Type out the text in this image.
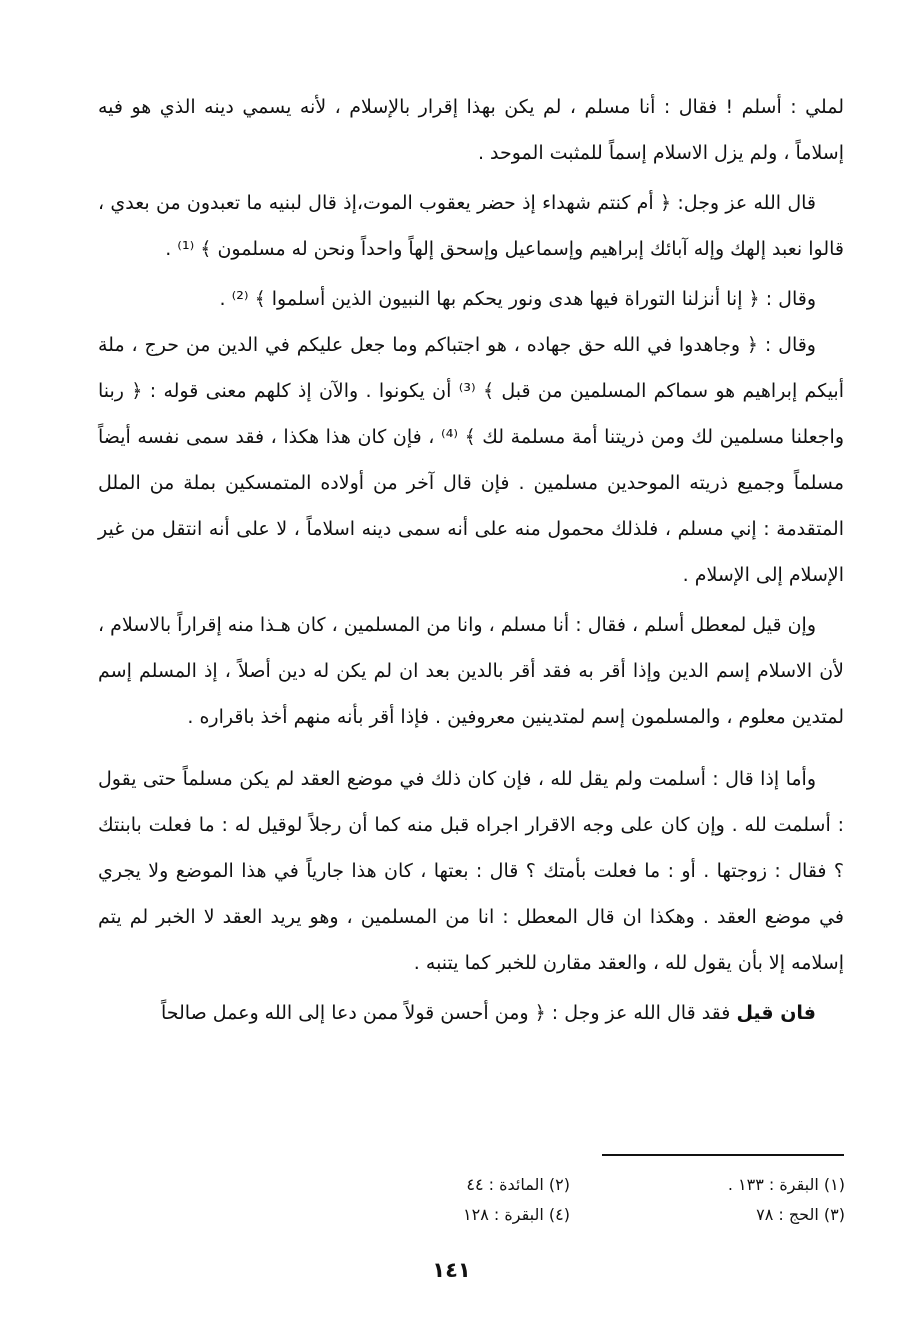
لملي : أسلم ! فقال : أنا مسلم ، لم يكن بهذا إقرار بالإسلام ، لأنه يسمي دينه الذي هو فيه إسلاماً ، ولم يزل الاسلام إسماً للمثبت الموحد .

قال الله عز وجل: ﴿ أم كنتم شهداء إذ حضر يعقوب الموت،إذ قال لبنيه ما تعبدون من بعدي ، قالوا نعبد إلهك وإله آبائك إبراهيم وإسماعيل وإسحق إلهاً واحداً ونحن له مسلمون ﴾ ⁽¹⁾ .

وقال : ﴿ إنا أنزلنا التوراة فيها هدى ونور يحكم بها النبيون الذين أسلموا ﴾ ⁽²⁾ .

وقال : ﴿ وجاهدوا في الله حق جهاده ، هو اجتباكم وما جعل عليكم في الدين من حرج ، ملة أبيكم إبراهيم هو سماكم المسلمين من قبل ﴾ ⁽³⁾ أن يكونوا . والآن إذ كلهم معنى قوله : ﴿ ربنا واجعلنا مسلمين لك ومن ذريتنا أمة مسلمة لك ﴾ ⁽⁴⁾ ، فإن كان هذا هكذا ، فقد سمى نفسه أيضاً مسلماً وجميع ذريته الموحدين مسلمين . فإن قال آخر من أولاده المتمسكين بملة من الملل المتقدمة : إني مسلم ، فلذلك محمول منه على أنه سمى دينه اسلاماً ، لا على أنه انتقل من غير الإسلام إلى الإسلام .

وإن قيل لمعطل أسلم ، فقال : أنا مسلم ، وانا من المسلمين ، كان هـذا منه إقراراً بالاسلام ، لأن الاسلام إسم الدين وإذا أقر به فقد أقر بالدين بعد ان لم يكن له دين أصلاً ، إذ المسلم إسم لمتدين معلوم ، والمسلمون إسم لمتدينين معروفين . فإذا أقر بأنه منهم أخذ باقراره .

وأما إذا قال : أسلمت ولم يقل لله ، فإن كان ذلك في موضع العقد لم يكن مسلماً حتى يقول : أسلمت لله . وإن كان على وجه الاقرار اجراه قبل منه كما أن رجلاً لوقيل له : ما فعلت بابنتك ؟ فقال : زوجتها . أو : ما فعلت بأمتك ؟ قال : بعتها ، كان هذا جارياً في هذا الموضع ولا يجري في موضع العقد . وهكذا ان قال المعطل : انا من المسلمين ، وهو يريد العقد لا الخبر لم يتم إسلامه إلا بأن يقول لله ، والعقد مقارن للخبر كما يتنبه .

فان قيل فقد قال الله عز وجل : ﴿ ومن أحسن قولاً ممن دعا إلى الله وعمل صالحاً

(١) البقرة : ١٣٣ .
(٢) المائدة : ٤٤
(٣) الحج : ٧٨
(٤) البقرة : ١٢٨
١٤١
